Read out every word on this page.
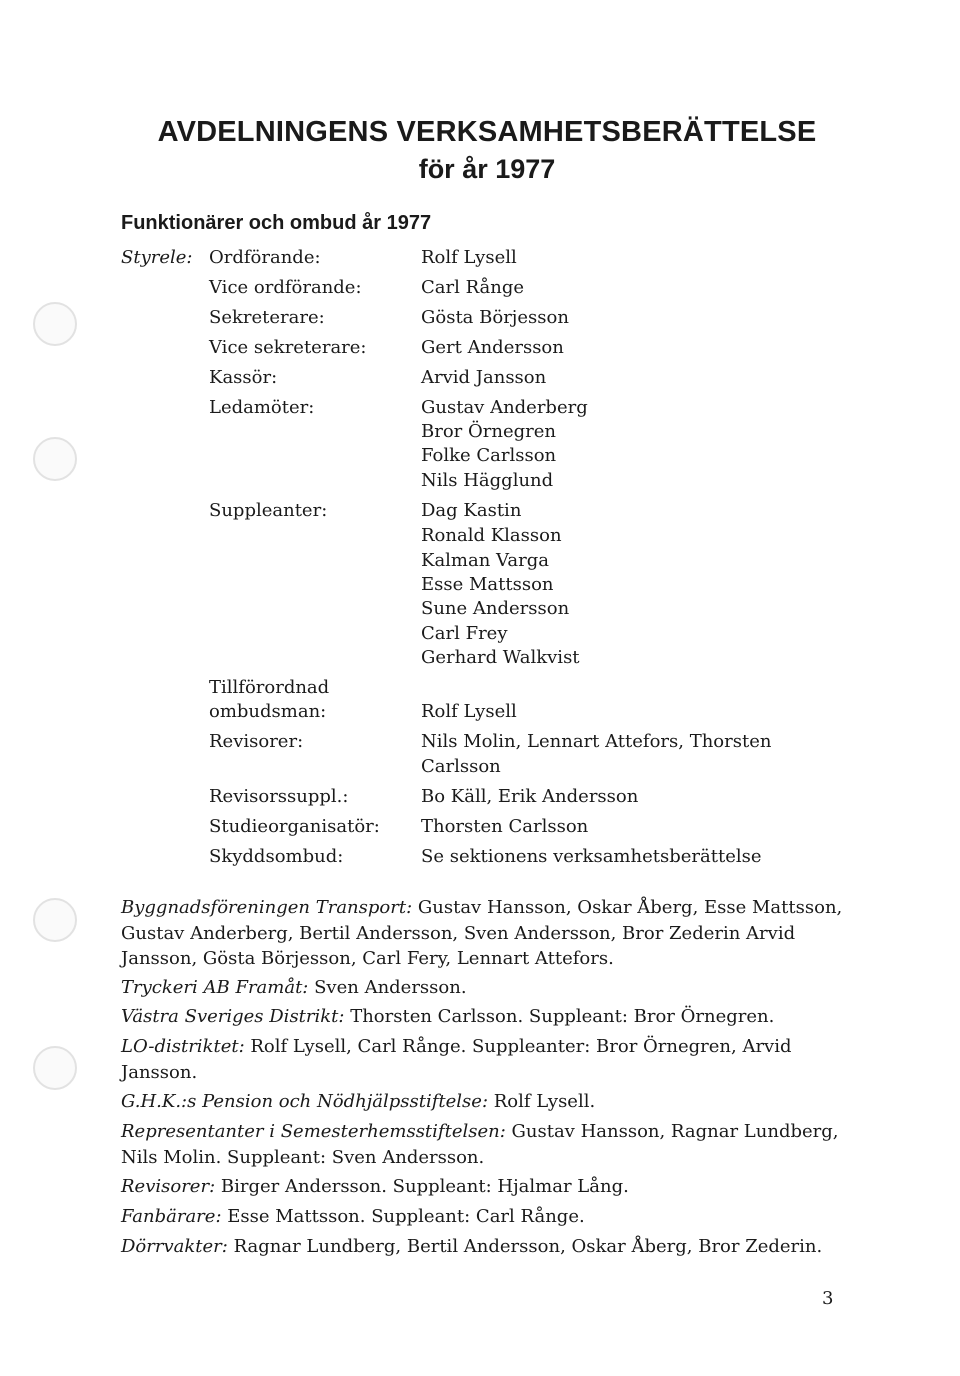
AVDELNINGENS VERKSAMHETSBERÄTTELSE
för år 1977
Funktionärer och ombud år 1977
Styrele: Ordförande:	Rolf Lysell
Vice ordförande:	Carl Rånge
Sekreterare:	Gösta Börjesson
Vice sekreterare:	Gert Andersson
Kassör:	Arvid Jansson
Ledamöter:	Gustav Anderberg
Bror Örnegren
Folke Carlsson
Nils Hägglund
Suppleanter:	Dag Kastin
Ronald Klasson
Kalman Varga
Esse Mattsson
Sune Andersson
Carl Frey
Gerhard Walkvist
Tillförordnad
ombudsman:	Rolf Lysell
Revisorer:	Nils Molin, Lennart Attefors, Thorsten
Carlsson
Revisorssuppl.:	Bo Käll, Erik Andersson
Studieorganisatör: Thorsten Carlsson
Skyddsombud:	Se sektionens verksamhetsberättelse
Byggnadsföreningen Transport: Gustav Hansson, Oskar Åberg, Esse Mattsson, Gustav Anderberg, Bertil Andersson, Sven Andersson, Bror Zederin Arvid Jansson, Gösta Börjesson, Carl Fery, Lennart Attefors.
Tryckeri AB Framåt: Sven Andersson.
Västra Sveriges Distrikt: Thorsten Carlsson. Suppleant: Bror Örnegren.
LO-distriktet: Rolf Lysell, Carl Rånge. Suppleanter: Bror Örnegren, Arvid Jansson.
G.H.K.:s Pension och Nödhjälpsstiftelse: Rolf Lysell.
Representanter i Semesterhemsstiftelsen: Gustav Hansson, Ragnar Lundberg, Nils Molin. Suppleant: Sven Andersson.
Revisorer: Birger Andersson. Suppleant: Hjalmar Lång.
Fanbärare: Esse Mattsson. Suppleant: Carl Rånge.
Dörrvakter: Ragnar Lundberg, Bertil Andersson, Oskar Åberg, Bror Zederin.
3
